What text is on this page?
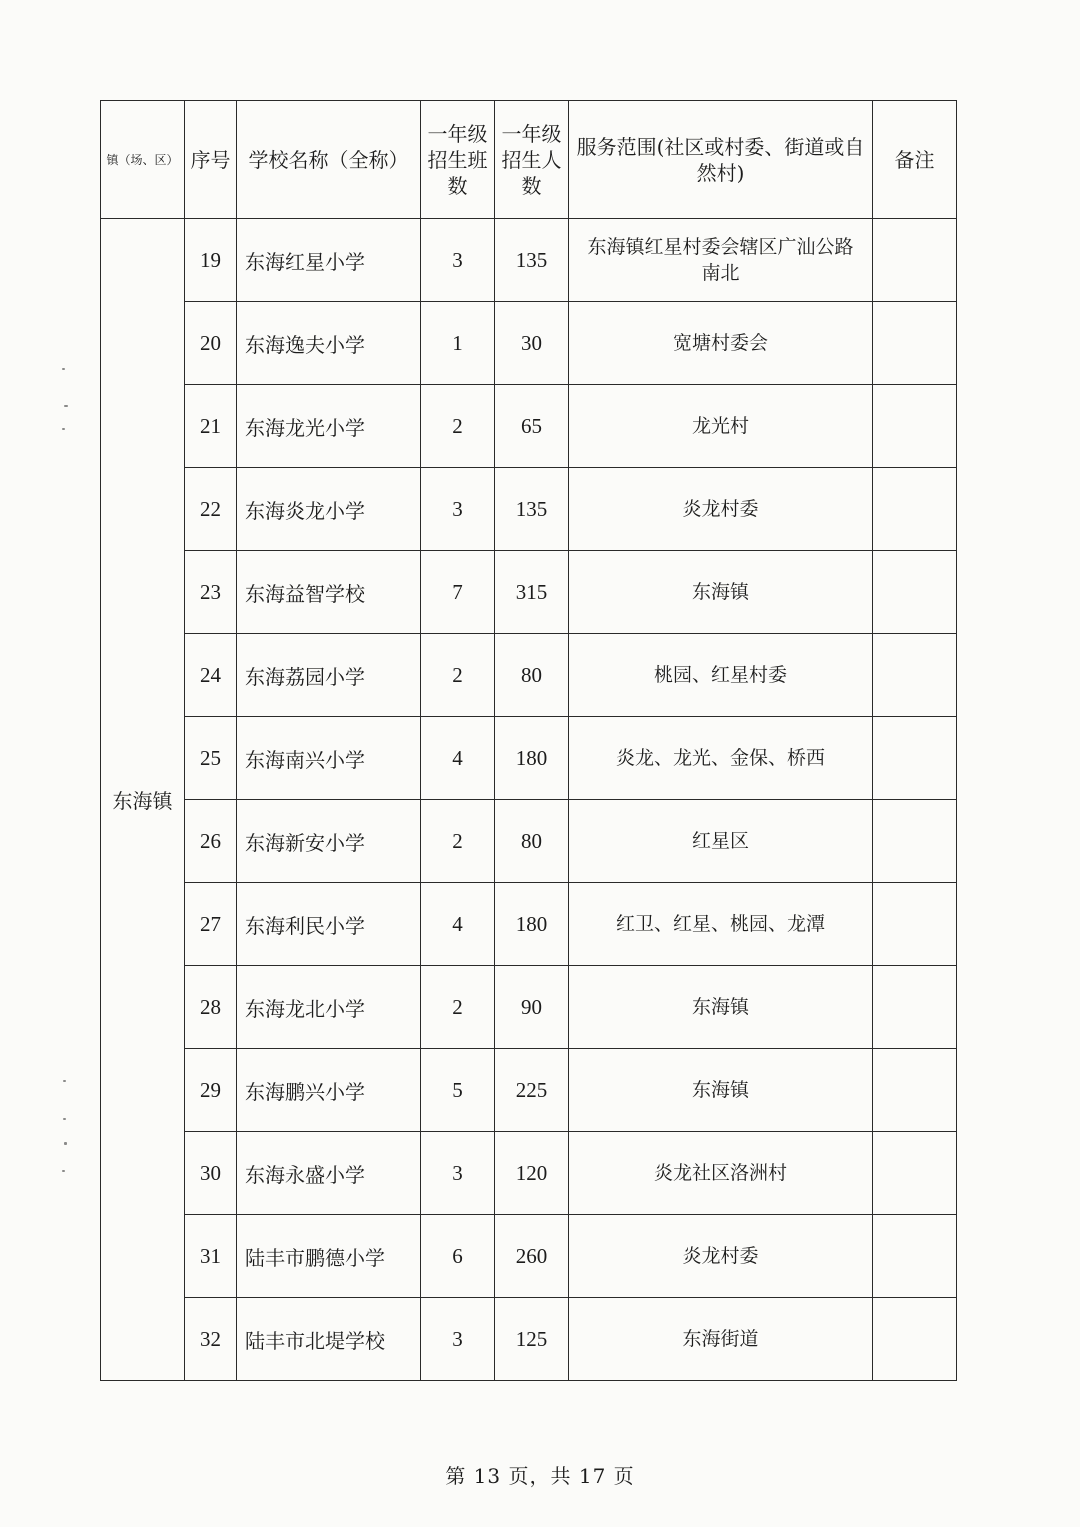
镇（场、区）	序号	学校名称（全称）	一年级招生班数	一年级招生人数	服务范围(社区或村委、街道或自然村)	备注
东海镇	19	东海红星小学	3	135	东海镇红星村委会辖区广汕公路南北	
	20	东海逸夫小学	1	30	宽塘村委会	
	21	东海龙光小学	2	65	龙光村	
	22	东海炎龙小学	3	135	炎龙村委	
	23	东海益智学校	7	315	东海镇	
	24	东海荔园小学	2	80	桃园、红星村委	
	25	东海南兴小学	4	180	炎龙、龙光、金保、桥西	
	26	东海新安小学	2	80	红星区	
	27	东海利民小学	4	180	红卫、红星、桃园、龙潭	
	28	东海龙北小学	2	90	东海镇	
	29	东海鹏兴小学	5	225	东海镇	
	30	东海永盛小学	3	120	炎龙社区洛洲村	
	31	陆丰市鹏德小学	6	260	炎龙村委	
	32	陆丰市北堤学校	3	125	东海街道	
第 13 页，共 17 页
